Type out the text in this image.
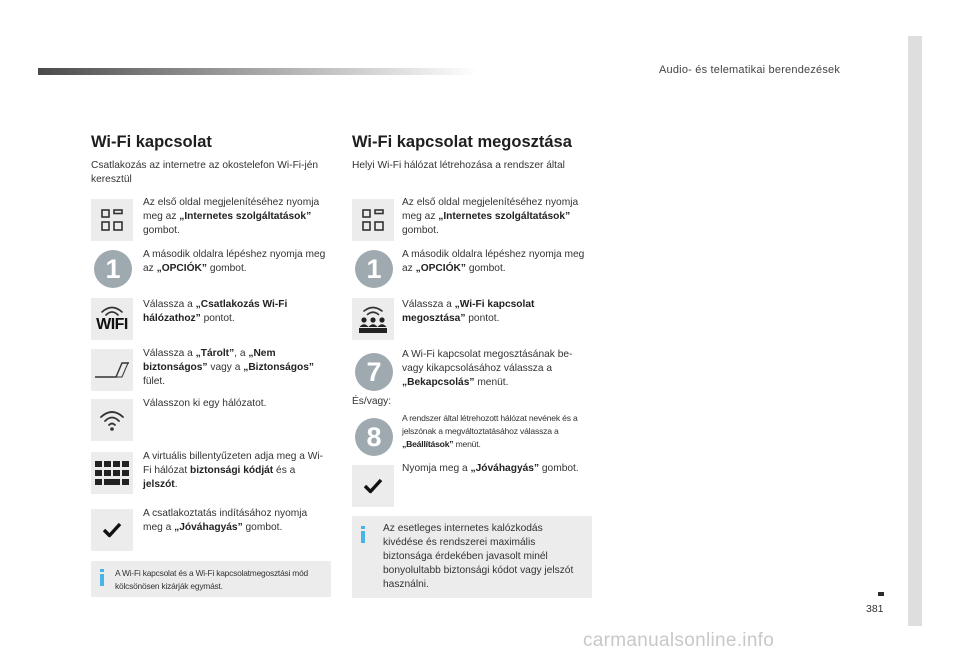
Audio- és telematikai berendezések
Wi-Fi kapcsolat
Csatlakozás az internetre az okostelefon Wi-Fi-jén keresztül
Az első oldal megjelenítéséhez nyomja meg az „Internetes szolgáltatások” gombot.
1	A második oldalra lépéshez nyomja meg az „OPCIÓK” gombot.
WIFI
Válassza a „Csatlakozás Wi-Fi hálózathoz” pontot.
Válassza a „Tárolt”, a „Nem biztonságos” vagy a „Biztonságos” fület.
Válasszon ki egy hálózatot.
A virtuális billentyűzeten adja meg a Wi-Fi hálózat biztonsági kódját és a jelszót.
A csatlakoztatás indításához nyomja meg a „Jóváhagyás” gombot.
A Wi-Fi kapcsolat és a Wi-Fi kapcsolatmegosztási mód kölcsönösen kizárják egymást.
Wi-Fi kapcsolat megosztása
Helyi Wi-Fi hálózat létrehozása a rendszer által
Az első oldal megjelenítéséhez nyomja meg az „Internetes szolgáltatások” gombot.
1	A második oldalra lépéshez nyomja meg az „OPCIÓK” gombot.
Válassza a „Wi-Fi kapcsolat megosztása” pontot.
7
A Wi-Fi kapcsolat megosztásának be- vagy kikapcsolásához válassza a „Bekapcsolás” menüt.
És/vagy:
8
A rendszer által létrehozott hálózat nevének és a jelszónak a megváltoztatásához válassza a „Beállítások” menüt.
Nyomja meg a „Jóváhagyás” gombot.
Az esetleges internetes kalózkodás kivédése és rendszerei maximális biztonsága érdekében javasolt minél bonyolultabb biztonsági kódot vagy jelszót használni.
381
carmanualsonline.info
